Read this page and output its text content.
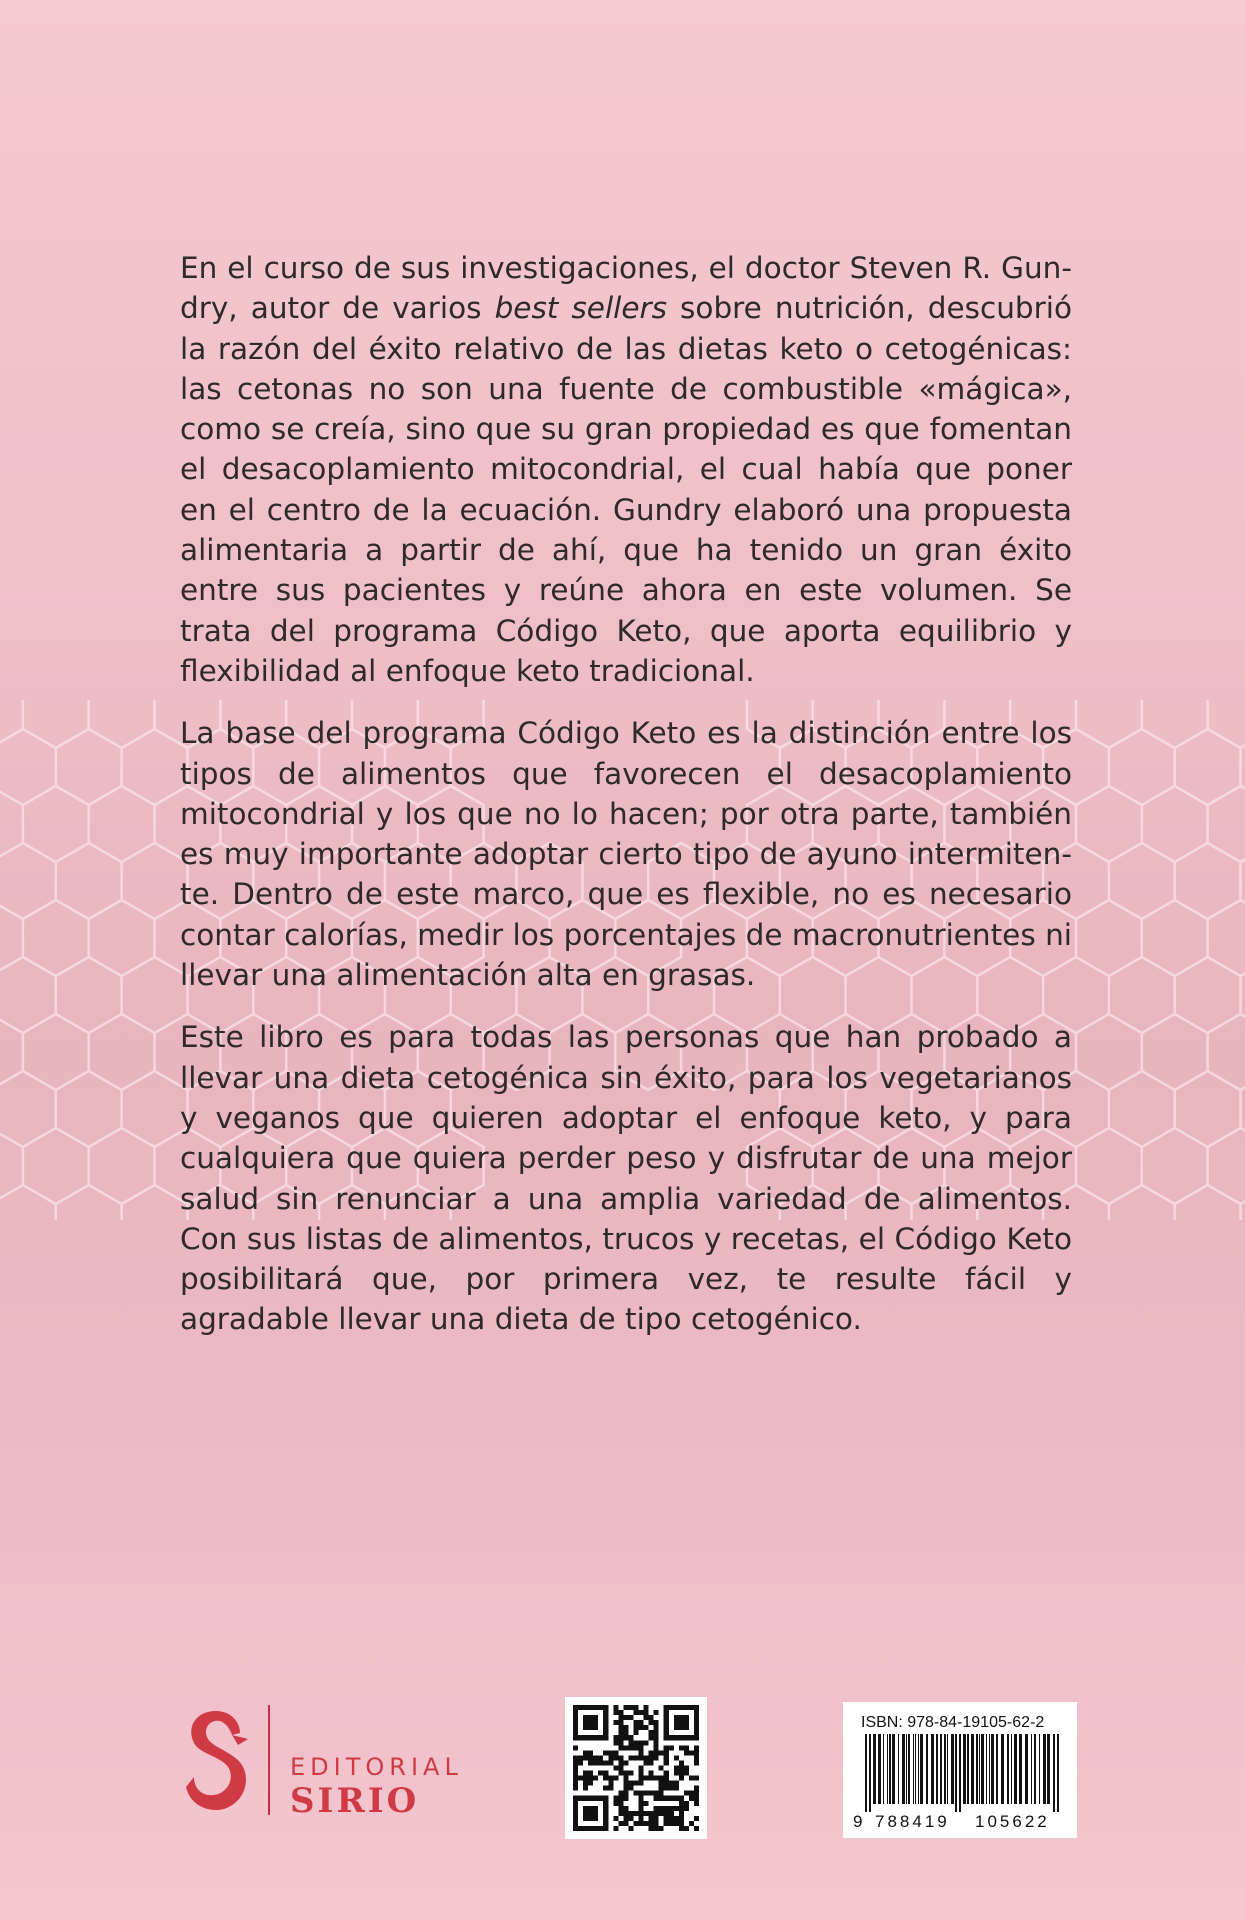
En el curso de sus investigaciones, el doctor Steven R. Gundry, autor de varios best sellers sobre nutrición, descubrió la razón del éxito relativo de las dietas keto o cetogénicas: las cetonas no son una fuente de combustible «mágica», como se creía, sino que su gran propiedad es que fomentan el desacoplamiento mitocondrial, el cual había que poner en el centro de la ecuación. Gundry elaboró una propuesta alimentaria a partir de ahí, que ha tenido un gran éxito entre sus pacientes y reúne ahora en este volumen. Se trata del programa Código Keto, que aporta equilibrio y flexibilidad al enfoque keto tradicional.

La base del programa Código Keto es la distinción entre los tipos de alimentos que favorecen el desacoplamiento mitocondrial y los que no lo hacen; por otra parte, también es muy importante adoptar cierto tipo de ayuno intermitente. Dentro de este marco, que es flexible, no es necesario contar calorías, medir los porcentajes de macronutrientes ni llevar una alimentación alta en grasas.

Este libro es para todas las personas que han probado a llevar una dieta cetogénica sin éxito, para los vegetarianos y veganos que quieren adoptar el enfoque keto, y para cualquiera que quiera perder peso y disfrutar de una mejor salud sin renunciar a una amplia variedad de alimentos. Con sus listas de alimentos, trucos y recetas, el Código Keto posibilitará que, por primera vez, te resulte fácil y agradable llevar una dieta de tipo cetogénico.

EDITORIAL
SIRIO
ISBN: 978-84-19105-62-2
9 788419 105622
